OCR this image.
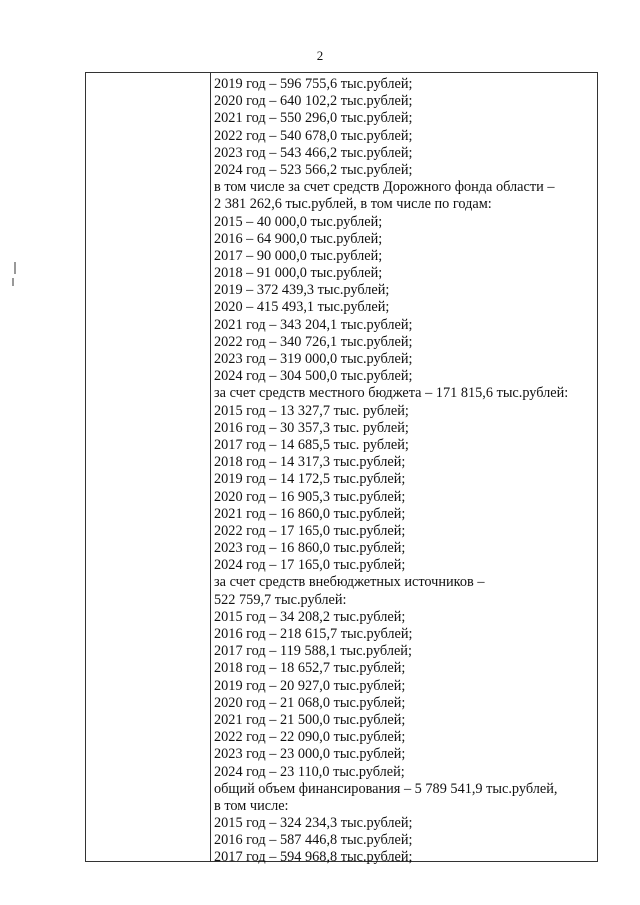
2
2019 год – 596 755,6 тыс.рублей;
2020 год – 640 102,2 тыс.рублей;
2021 год – 550 296,0 тыс.рублей;
2022 год – 540 678,0 тыс.рублей;
2023 год – 543 466,2 тыс.рублей;
2024 год – 523 566,2 тыс.рублей;
в том числе за счет средств Дорожного фонда области –
2 381 262,6 тыс.рублей, в том числе по годам:
2015 – 40 000,0 тыс.рублей;
2016 – 64 900,0 тыс.рублей;
2017 – 90 000,0 тыс.рублей;
2018 – 91 000,0 тыс.рублей;
2019 – 372 439,3 тыс.рублей;
2020 – 415 493,1 тыс.рублей;
2021 год – 343 204,1 тыс.рублей;
2022 год – 340 726,1 тыс.рублей;
2023 год – 319 000,0 тыс.рублей;
2024 год – 304 500,0 тыс.рублей;
за счет средств местного бюджета – 171 815,6 тыс.рублей:
2015 год – 13 327,7 тыс. рублей;
2016 год – 30 357,3 тыс. рублей;
2017 год – 14 685,5 тыс. рублей;
2018 год – 14 317,3 тыс.рублей;
2019 год – 14 172,5 тыс.рублей;
2020 год – 16 905,3 тыс.рублей;
2021 год – 16 860,0 тыс.рублей;
2022 год – 17 165,0 тыс.рублей;
2023 год – 16 860,0 тыс.рублей;
2024 год – 17 165,0 тыс.рублей;
за счет средств внебюджетных источников –
522 759,7 тыс.рублей:
2015 год – 34 208,2 тыс.рублей;
2016 год – 218 615,7 тыс.рублей;
2017 год – 119 588,1 тыс.рублей;
2018 год – 18 652,7 тыс.рублей;
2019 год – 20 927,0 тыс.рублей;
2020 год – 21 068,0 тыс.рублей;
2021 год – 21 500,0 тыс.рублей;
2022 год – 22 090,0 тыс.рублей;
2023 год – 23 000,0 тыс.рублей;
2024 год – 23 110,0 тыс.рублей;
общий объем финансирования – 5 789 541,9 тыс.рублей,
в том числе:
2015 год – 324 234,3 тыс.рублей;
2016 год – 587 446,8 тыс.рублей;
2017 год – 594 968,8 тыс.рублей;
